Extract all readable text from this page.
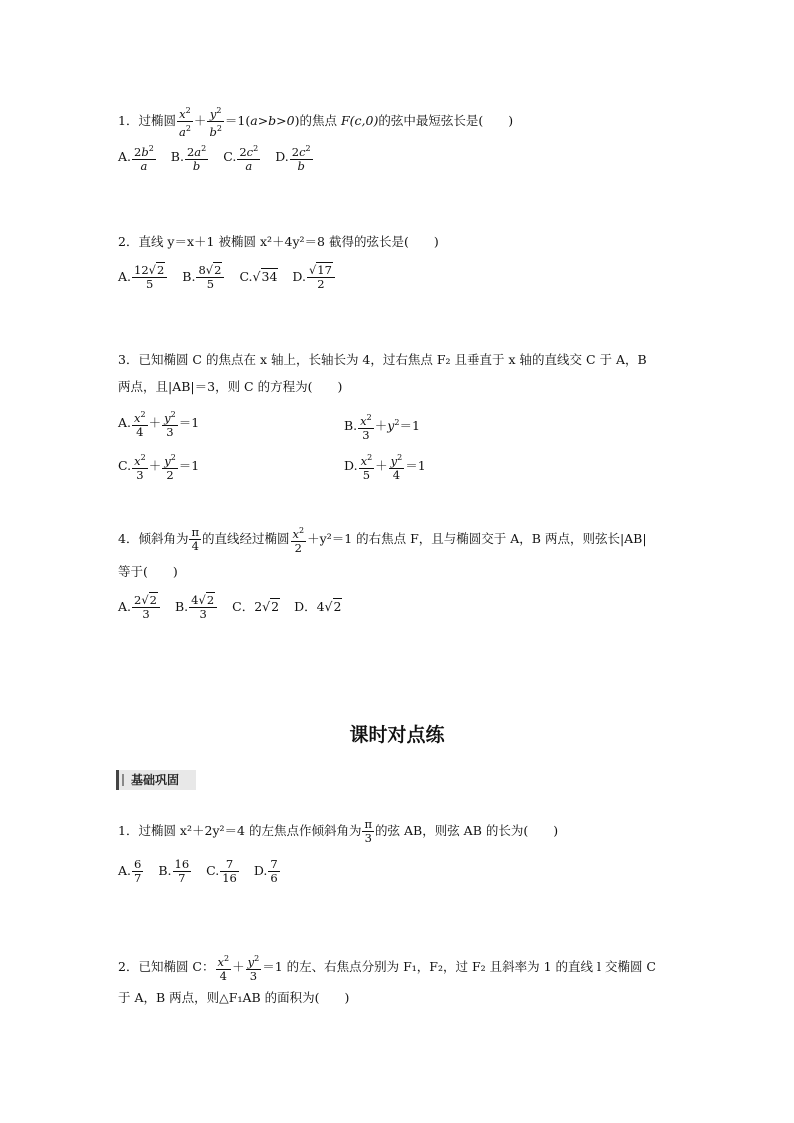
1．过椭圆 $\frac{x^2}{a^2} + \frac{y^2}{b^2} =1(a>b>0)$的焦点 F(c,0)的弦中最短弦长是(　　)
A. $\frac{2b^2}{a} B$. $\frac{2a^2}{b} C$. $\frac{2c^2}{a} D$. $\frac{2c^2}{b}$
2．直线 y＝x＋1 被椭圆 x²＋4y²＝8 截得的弦长是(　　)
A. $\frac{12√2}{5} B$. $\frac{8√2}{5} C.√34$ D. $\frac{√17}{2}$
3．已知椭圆 C 的焦点在 x 轴上，长轴长为 4，过右焦点 F₂ 且垂直于 x 轴的直线交 C 于 A，B
两点，且|AB|＝3，则 C 的方程为(　　)
A. $\frac{x^2}{4} + \frac{y^2}{3} =1$	B. $\frac{x^2}{3} +y^2=1$
C. $\frac{x^2}{3} + \frac{y^2}{2} =1$	D. $\frac{x^2}{5} + \frac{y^2}{4} =1$
4．倾斜角为 $\frac{\pi}{4}$ 的直线经过椭圆 $\frac{x^2}{2} +y^2=1$ 的右焦点 F，且与椭圆交于 A，B 两点，则弦长|AB|
等于(　　)
A. $\frac{2√2}{3} B$. $\frac{4√2}{3}$ C．2√2 D．4√2
课时对点练
基础巩固
1．过椭圆 x²＋2y²＝4 的左焦点作倾斜角为 $\frac{\pi}{3}$ 的弦 AB，则弦 AB 的长为(　　)
A. $\frac{6}{7} B$. $\frac{16}{7} C$. $\frac{7}{16} D$. $\frac{7}{6}$
2．已知椭圆 C： $\frac{x^2}{4} + \frac{y^2}{3} =1$ 的左、右焦点分别为 F₁，F₂，过 F₂ 且斜率为 1 的直线 l 交椭圆 C
于 A，B 两点，则△F₁AB 的面积为(　　)
